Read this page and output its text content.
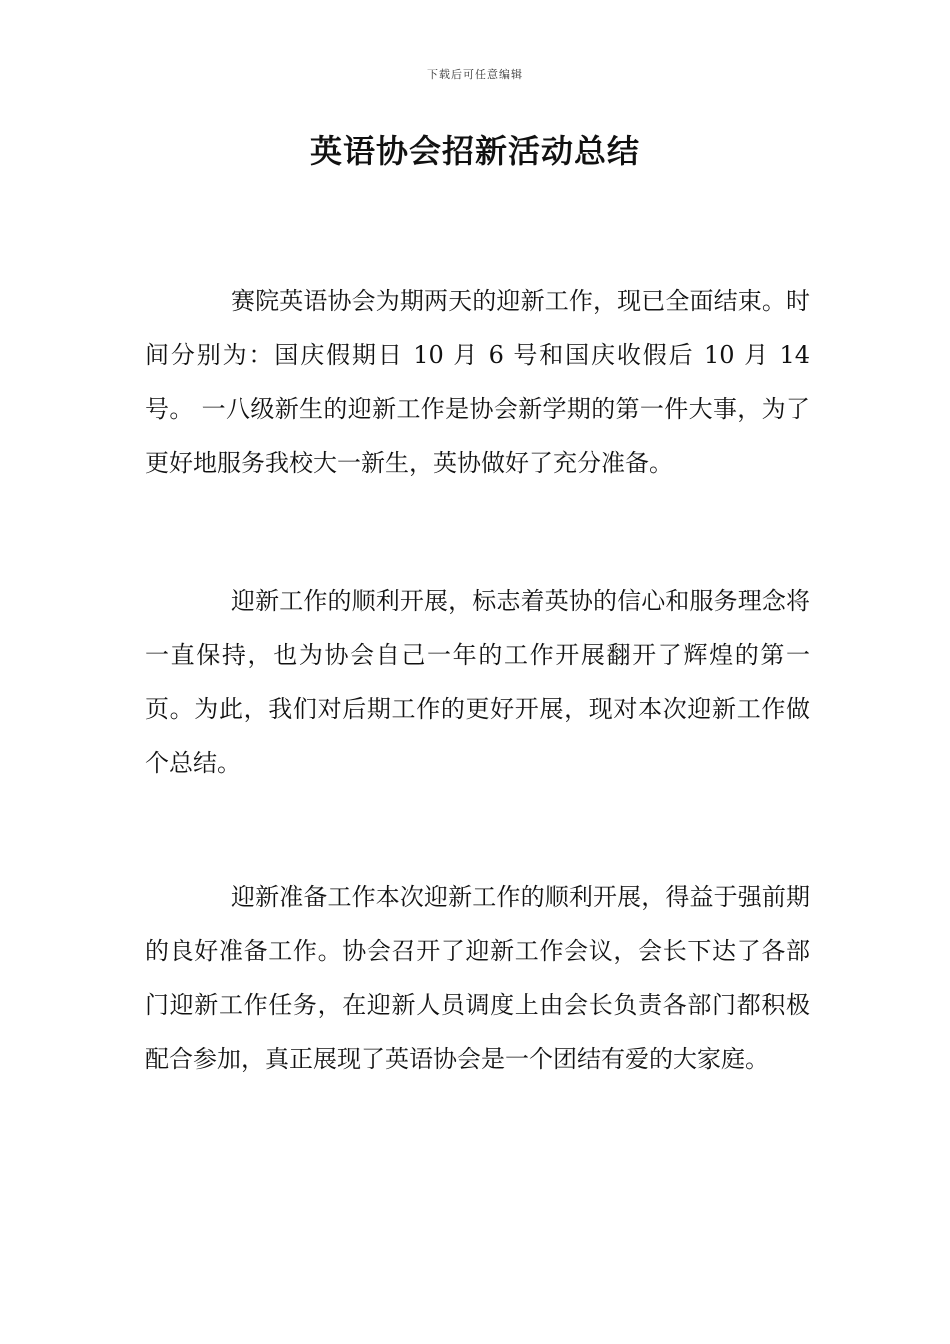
下载后可任意编辑
英语协会招新活动总结

赛院英语协会为期两天的迎新工作，现已全面结束。时间分别为：国庆假期日 10 月 6 号和国庆收假后 10 月 14 号。 一八级新生的迎新工作是协会新学期的第一件大事，为了更好地服务我校大一新生，英协做好了充分准备。

迎新工作的顺利开展，标志着英协的信心和服务理念将一直保持，也为协会自己一年的工作开展翻开了辉煌的第一页。为此，我们对后期工作的更好开展，现对本次迎新工作做个总结。

迎新准备工作本次迎新工作的顺利开展，得益于强前期的良好准备工作。协会召开了迎新工作会议，会长下达了各部门迎新工作任务，在迎新人员调度上由会长负责各部门都积极配合参加，真正展现了英语协会是一个团结有爱的大家庭。
